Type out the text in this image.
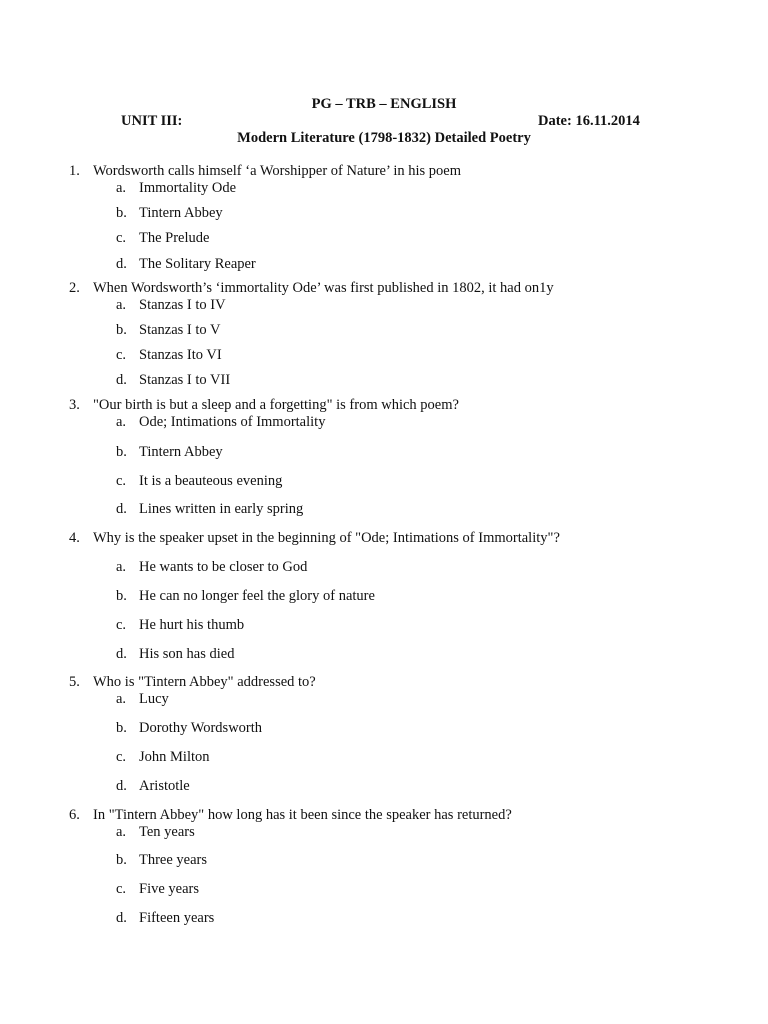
PG – TRB – ENGLISH
UNIT III:	Date: 16.11.2014
Modern Literature (1798-1832) Detailed Poetry
1. Wordsworth calls himself ‘a Worshipper of Nature’ in his poem
a. Immortality Ode
b. Tintern Abbey
c. The Prelude
d. The Solitary Reaper
2. When Wordsworth’s ‘immortality Ode’ was first published in 1802, it had on1y
a. Stanzas I to IV
b. Stanzas I to V
c. Stanzas Ito VI
d. Stanzas I to VII
3. "Our birth is but a sleep and a forgetting" is from which poem?
a. Ode; Intimations of Immortality
b. Tintern Abbey
c. It is a beauteous evening
d. Lines written in early spring
4. Why is the speaker upset in the beginning of "Ode; Intimations of Immortality"?
a. He wants to be closer to God
b. He can no longer feel the glory of nature
c. He hurt his thumb
d. His son has died
5. Who is "Tintern Abbey" addressed to?
a. Lucy
b. Dorothy Wordsworth
c. John Milton
d. Aristotle
6. In "Tintern Abbey" how long has it been since the speaker has returned?
a. Ten years
b. Three years
c. Five years
d. Fifteen years
